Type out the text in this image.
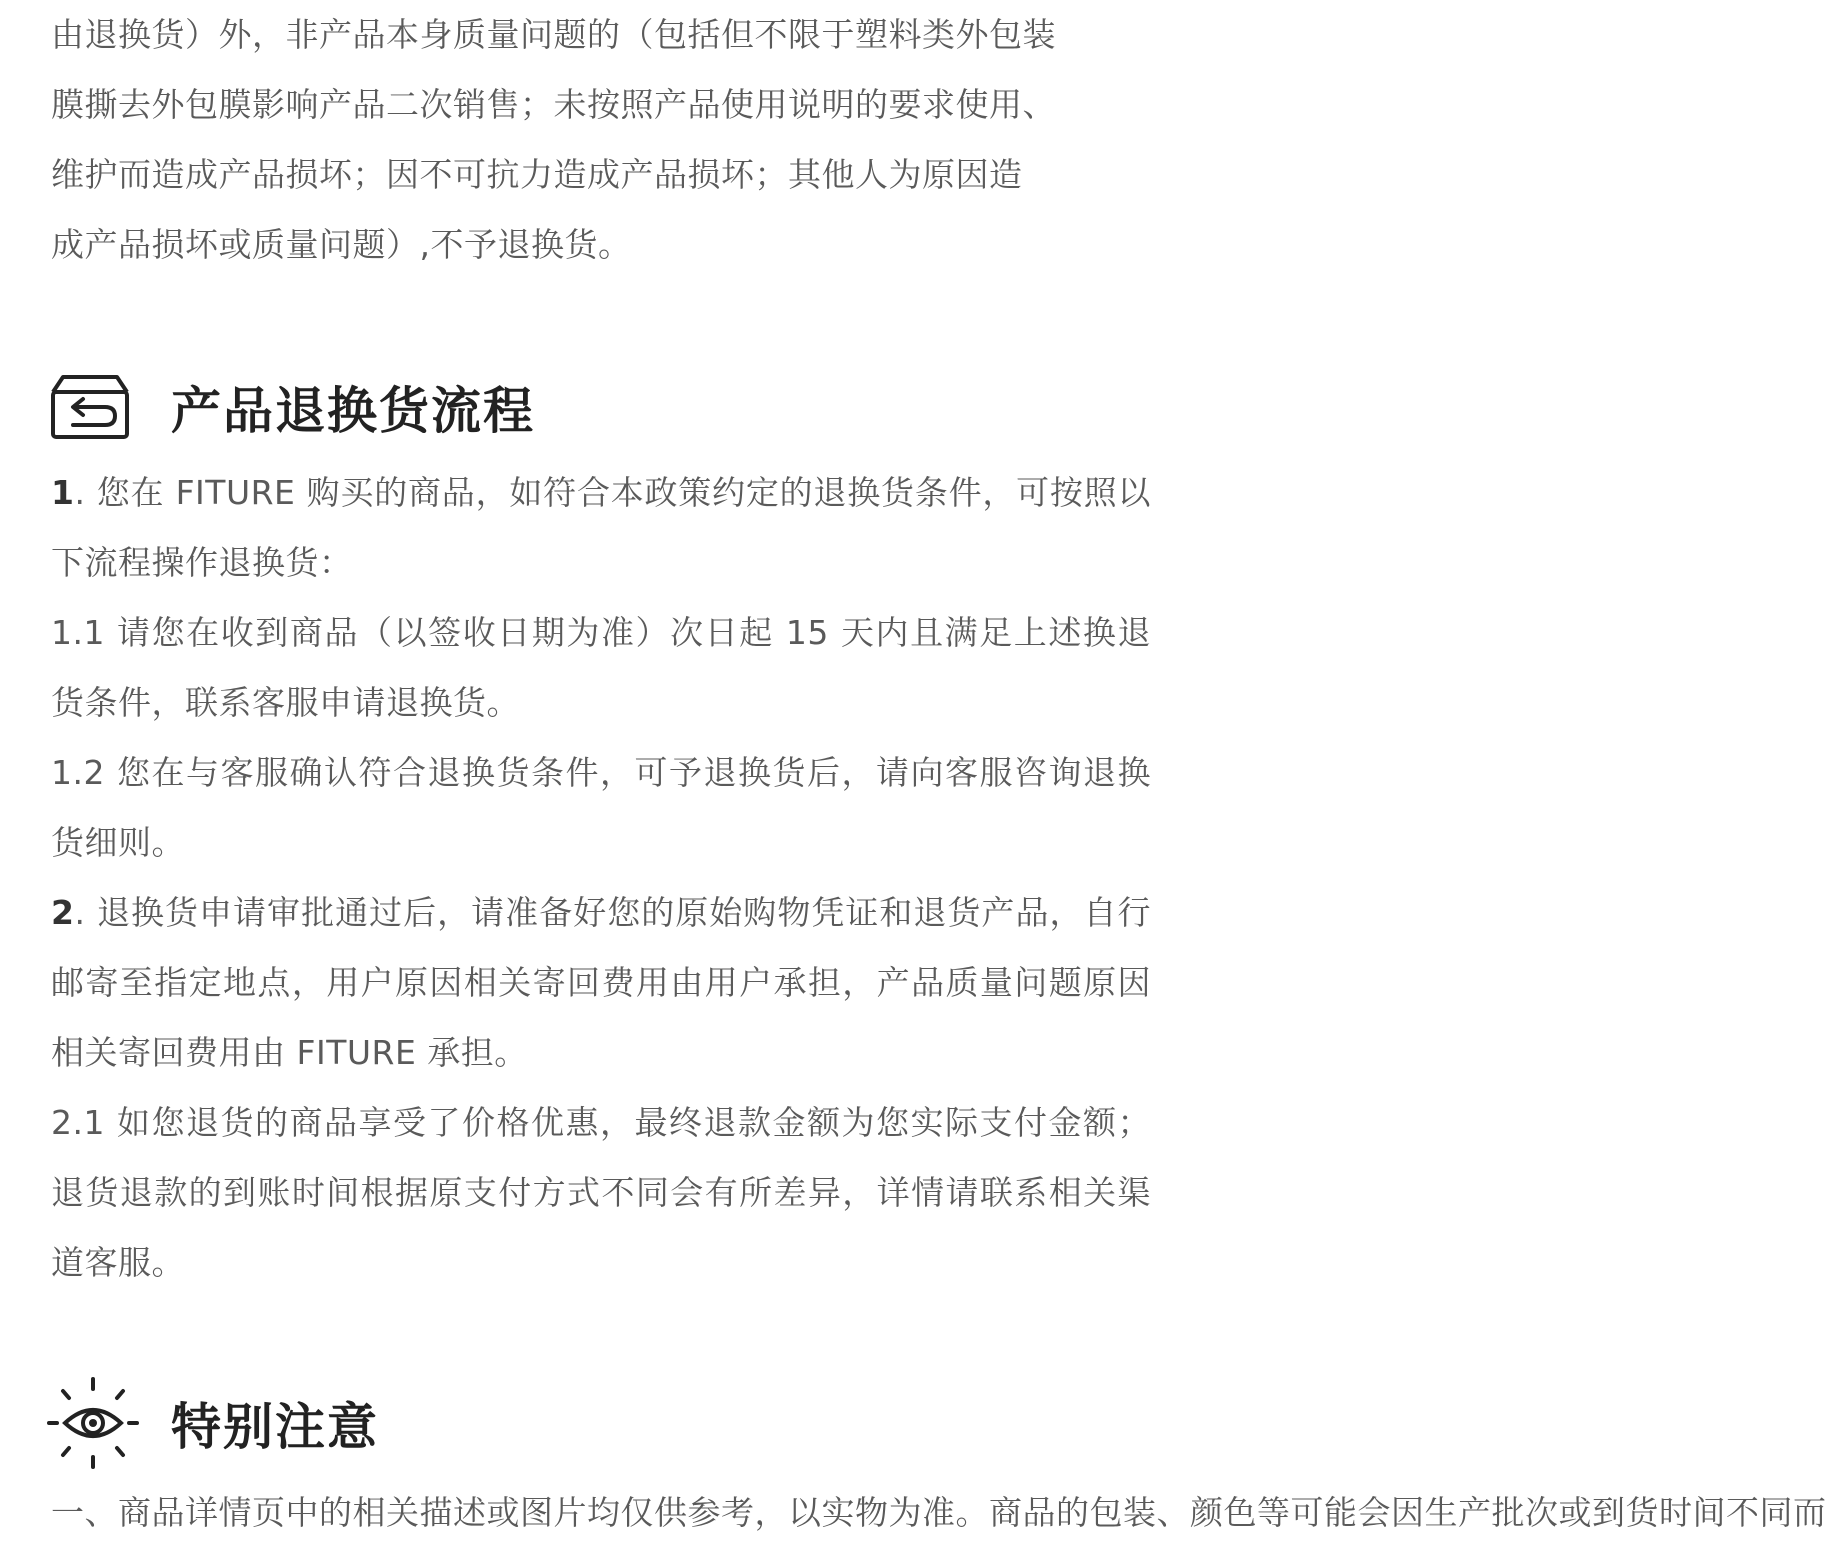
由退换货）外，非产品本身质量问题的（包括但不限于塑料类外包装

膜撕去外包膜影响产品二次销售；未按照产品使用说明的要求使用、

维护而造成产品损坏；因不可抗力造成产品损坏；其他人为原因造

成产品损坏或质量问题）,不予退换货。

产品退换货流程

1. 您在 FITURE 购买的商品，如符合本政策约定的退换货条件，可按照以下流程操作退换货：

1.1 请您在收到商品（以签收日期为准）次日起 15 天内且满足上述换退货条件，联系客服申请退换货。

1.2 您在与客服确认符合退换货条件，可予退换货后，请向客服咨询退换货细则。

2. 退换货申请审批通过后，请准备好您的原始购物凭证和退货产品，自行邮寄至指定地点，用户原因相关寄回费用由用户承担，产品质量问题原因相关寄回费用由 FITURE 承担。

2.1 如您退货的商品享受了价格优惠，最终退款金额为您实际支付金额；退货退款的到账时间根据原支付方式不同会有所差异，详情请联系相关渠道客服。

特别注意

一、商品详情页中的相关描述或图片均仅供参考，以实物为准。商品的包装、颜色等可能会因生产批次或到货时间不同而
